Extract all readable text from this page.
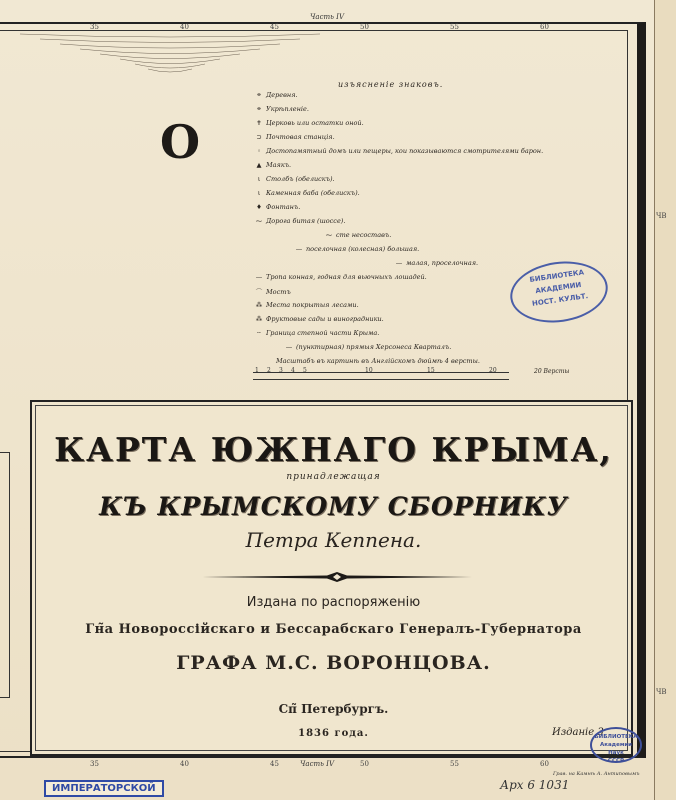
35	40	45	50	55	60
Часть IV
ЧВ
ЧВ
О
изъясненіе знаковъ.
⚭ Деревня.
⚭ Укрѣпленіе.
✝ Церковь или остатки оной.
⊃ Почтовая станція.
◦ Достопамятный домъ или пещеры, кои показываются смотрителями барон.
▲ Маякъ.
ι Столбъ (обелискъ).
ι Каменная баба (обелискъ).
♦ Фонтанъ.
⁓ Дорога битая (шоссе).
⁓ сте несоставъ.
— поселочная (колесная) большая.
— малая, проселочная.
— Тропа конная, годная для вьючныхъ лошадей.
⌒ Мостъ
⁂ Места покрытыя лесами.
⁂ Фруктовые сады и виноградники.
╌ Граница степной части Крыма.
— (пунктирная) прямыя Херсонеса Кварталъ.
Масштабъ въ картинѣ въ Англійскомъ дюймѣ 4 версты.
1 2 3 4 5	10	15	20	20 Версты
БИБЛИОТЕКА
АКАДЕМИИ
НОСТ. КУЛЬТ.
КАРТА ЮЖНАГО КРЫМА,
принадлежащая
КЪ КРЫМСКОМУ СБОРНИКУ
Петра Кеппена.
Издана по распоряженію
Гн̃а Новороссійскаго и Бессарабскаго Генералъ-Губернатора
ГРАФА М.С. ВОРОНЦОВА.
Сп̃ Петербургъ.
1836 года.	Изданіе 3
БИБЛИОТЕКА
Академии Наук
СССР
35	40	45	50	55	60
Часть IV
ИМПЕРАТОРСКОЙ	Арх 6 1031
Грав. на Камнѣ А. Антиповымъ
